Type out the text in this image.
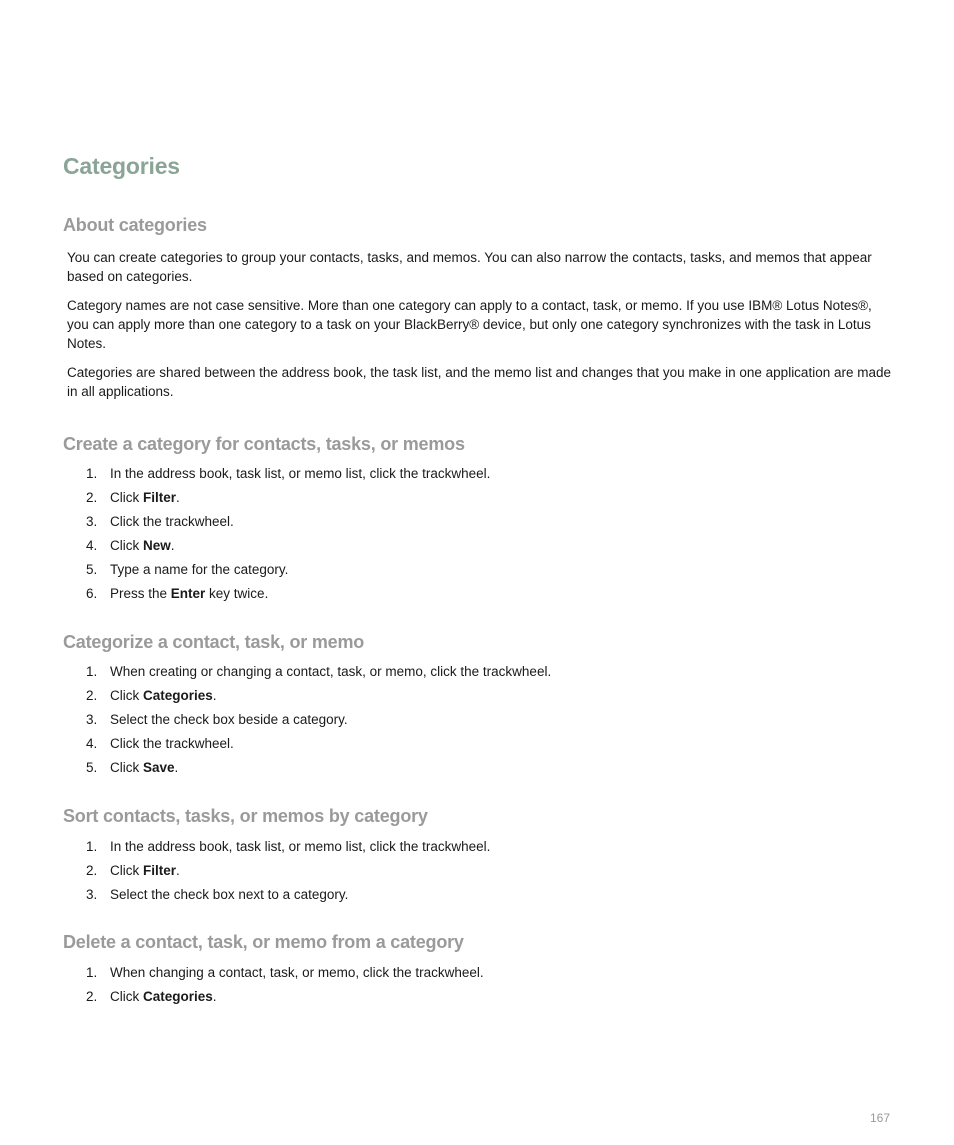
Categories
About categories

You can create categories to group your contacts, tasks, and memos. You can also narrow the contacts, tasks, and memos that appear based on categories.

Category names are not case sensitive. More than one category can apply to a contact, task, or memo. If you use IBM® Lotus Notes®, you can apply more than one category to a task on your BlackBerry® device, but only one category synchronizes with the task in Lotus Notes.

Categories are shared between the address book, the task list, and the memo list and changes that you make in one application are made in all applications.

Create a category for contacts, tasks, or memos
1. In the address book, task list, or memo list, click the trackwheel.
2. Click Filter.
3. Click the trackwheel.
4. Click New.
5. Type a name for the category.
6. Press the Enter key twice.
Categorize a contact, task, or memo
1. When creating or changing a contact, task, or memo, click the trackwheel.
2. Click Categories.
3. Select the check box beside a category.
4. Click the trackwheel.
5. Click Save.
Sort contacts, tasks, or memos by category
1. In the address book, task list, or memo list, click the trackwheel.
2. Click Filter.
3. Select the check box next to a category.
Delete a contact, task, or memo from a category
1. When changing a contact, task, or memo, click the trackwheel.
2. Click Categories.
167
